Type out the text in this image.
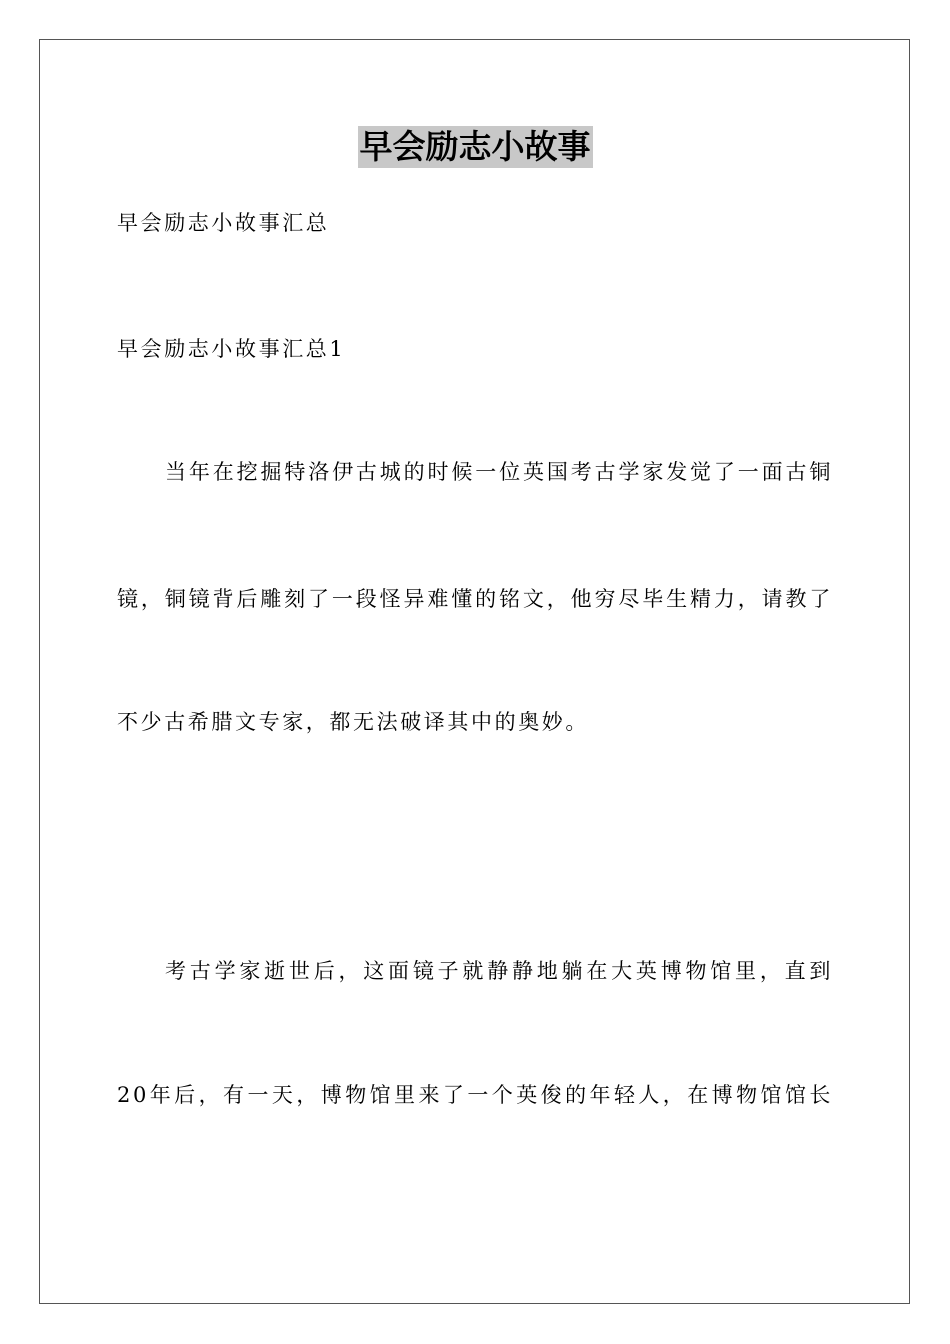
早会励志小故事
早会励志小故事汇总
早会励志小故事汇总1
当年在挖掘特洛伊古城的时候一位英国考古学家发觉了一面古铜
镜，铜镜背后雕刻了一段怪异难懂的铭文，他穷尽毕生精力，请教了
不少古希腊文专家，都无法破译其中的奥妙。
考古学家逝世后，这面镜子就静静地躺在大英博物馆里，直到
20年后，有一天，博物馆里来了一个英俊的年轻人，在博物馆馆长
